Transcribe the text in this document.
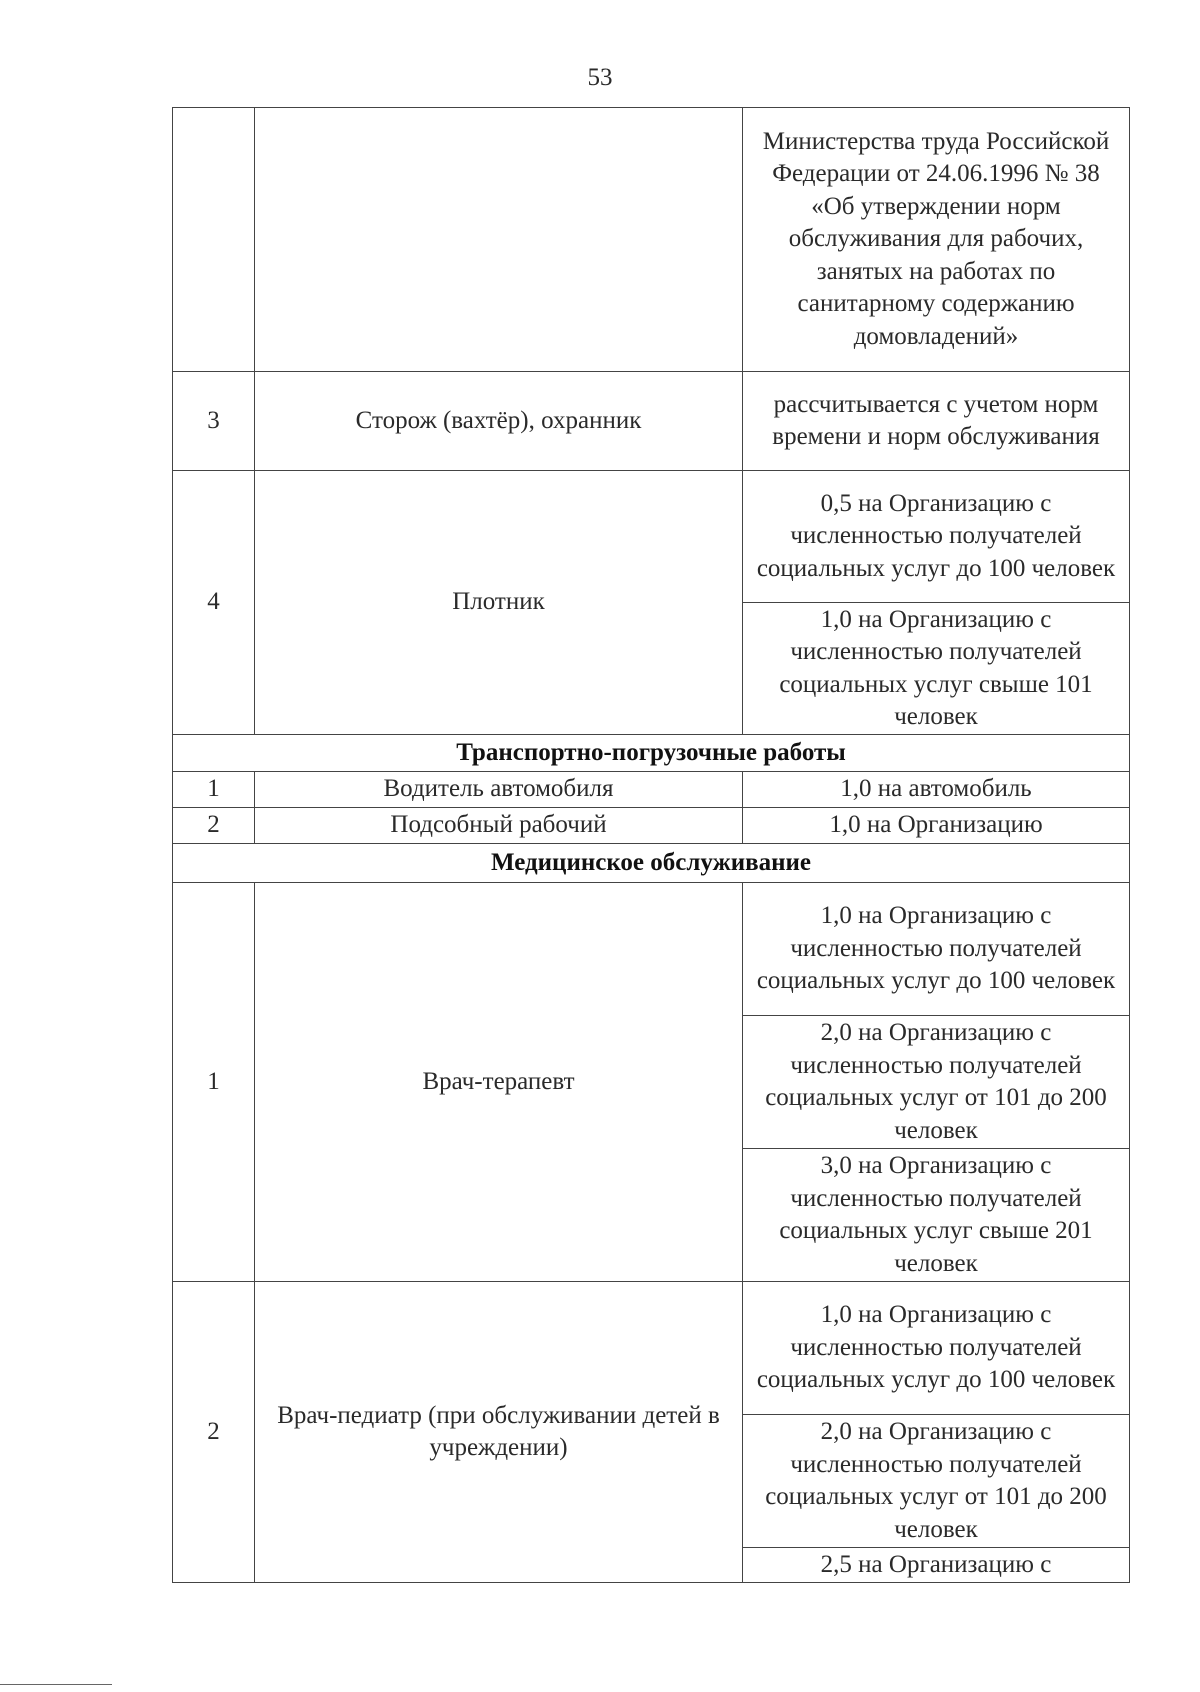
53
		Министерства труда Российской Федерации от 24.06.1996 № 38 «Об утверждении норм обслуживания для рабочих, занятых на работах по санитарному содержанию домовладений»
3	Сторож (вахтёр), охранник	рассчитывается с учетом норм времени и норм обслуживания
4	Плотник	0,5 на Организацию с численностью получателей социальных услуг до 100 человек
		1,0 на Организацию с численностью получателей социальных услуг свыше 101 человек
Транспортно-погрузочные работы		
1	Водитель автомобиля	1,0 на автомобиль
2	Подсобный рабочий	1,0 на Организацию
Медицинское обслуживание		
1	Врач-терапевт	1,0 на Организацию с численностью получателей социальных услуг до 100 человек
		2,0 на Организацию с численностью получателей социальных услуг от 101 до 200 человек
		3,0 на Организацию с численностью получателей социальных услуг свыше 201 человек
2	Врач-педиатр (при обслуживании детей в учреждении)	1,0 на Организацию с численностью получателей социальных услуг до 100 человек
		2,0 на Организацию с численностью получателей социальных услуг от 101 до 200 человек
		2,5 на Организацию с
